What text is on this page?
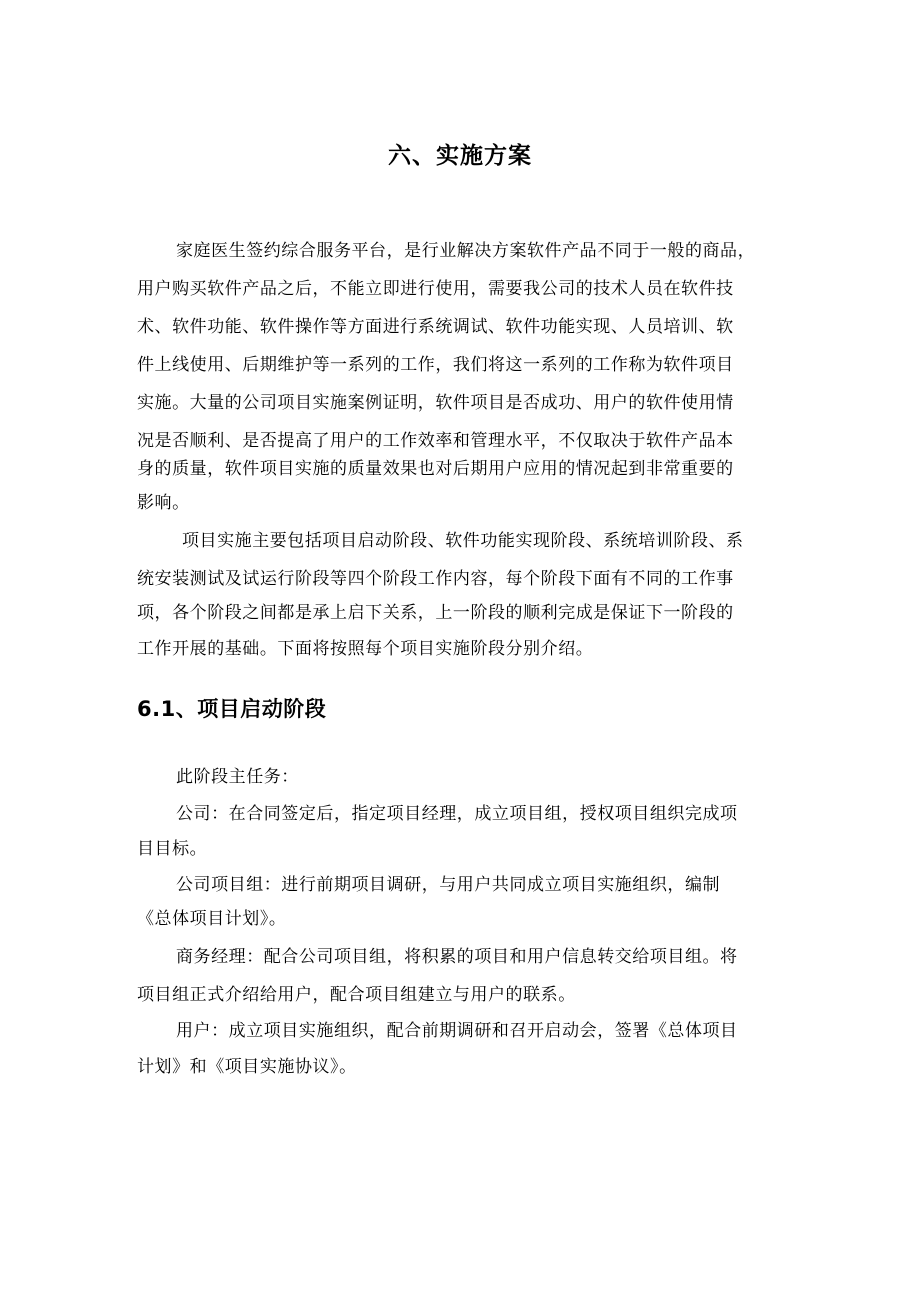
六、实施方案

家庭医生签约综合服务平台，是行业解决方案软件产品不同于一般的商品，

用户购买软件产品之后，不能立即进行使用，需要我公司的技术人员在软件技

术、软件功能、软件操作等方面进行系统调试、软件功能实现、人员培训、软

件上线使用、后期维护等一系列的工作，我们将这一系列的工作称为软件项目

实施。大量的公司项目实施案例证明，软件项目是否成功、用户的软件使用情

况是否顺利、是否提高了用户的工作效率和管理水平，不仅取决于软件产品本

身的质量，软件项目实施的质量效果也对后期用户应用的情况起到非常重要的

影响。

项目实施主要包括项目启动阶段、软件功能实现阶段、系统培训阶段、系

统安装测试及试运行阶段等四个阶段工作内容，每个阶段下面有不同的工作事

项，各个阶段之间都是承上启下关系，上一阶段的顺利完成是保证下一阶段的

工作开展的基础。下面将按照每个项目实施阶段分别介绍。

6.1、项目启动阶段

此阶段主任务：

公司：在合同签定后，指定项目经理，成立项目组，授权项目组织完成项

目目标。

公司项目组：进行前期项目调研，与用户共同成立项目实施组织，编制

《总体项目计划》。

商务经理：配合公司项目组，将积累的项目和用户信息转交给项目组。将

项目组正式介绍给用户，配合项目组建立与用户的联系。

用户：成立项目实施组织，配合前期调研和召开启动会，签署《总体项目

计划》和《项目实施协议》。
